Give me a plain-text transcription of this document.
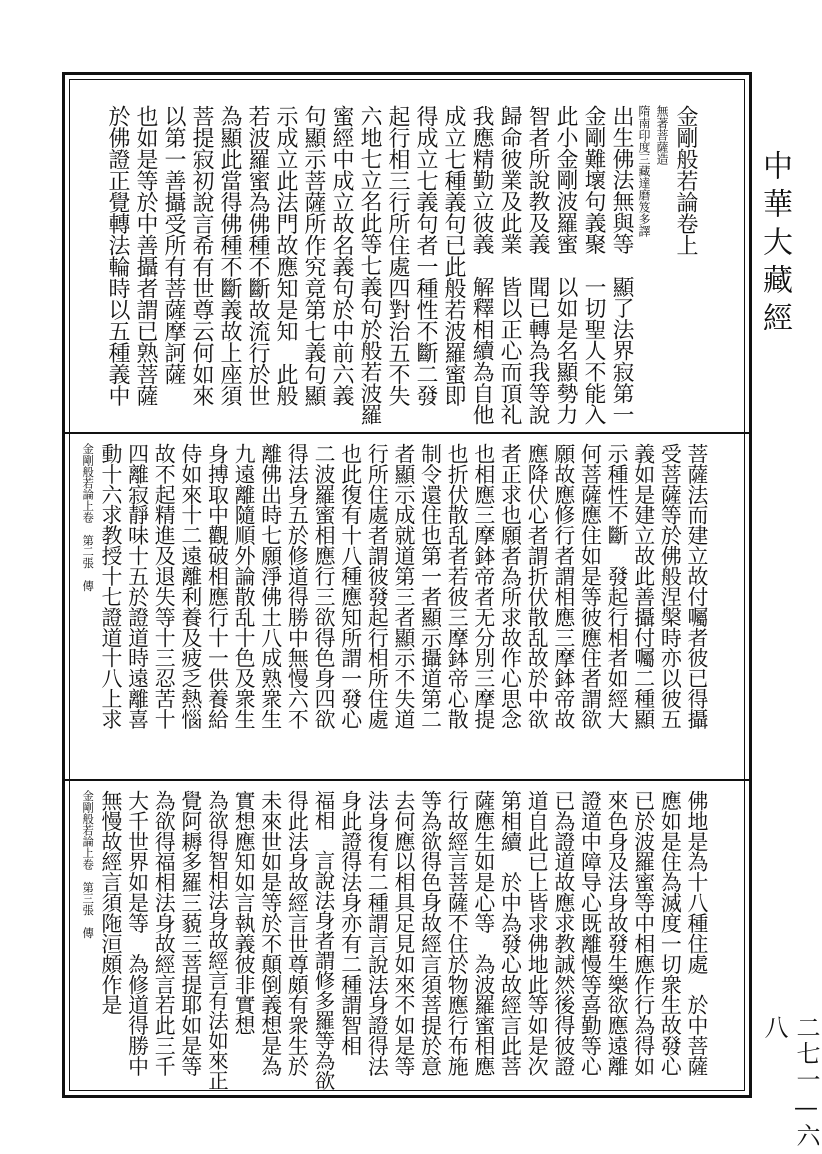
金剛般若論卷上
無著菩薩造
隋南印度三藏達磨笈多譯
出生佛法無與等　顯了法界寂第一
金剛難壞句義聚　一切聖人不能入
此小金剛波羅蜜　以如是名顯勢力
智者所說教及義　聞已轉為我等說
歸命彼業及此業　皆以正心而頂礼
我應精勤立彼義　解釋相續為自他
成立七種義句已此般若波羅蜜即
得成立七義句者一種性不斷二發
起行相三行所住處四對治五不失
六地七立名此等七義句於般若波羅
蜜經中成立故名義句於中前六義
句顯示菩薩所作究竟第七義句顯
示成立此法門故應知是知　此般
若波羅蜜為佛種不斷故流行於世
為顯此當得佛種不斷義故上座須
菩提寂初說言希有世尊云何如來
以第一善攝受所有菩薩摩訶薩
也如是等於中善攝者謂已熟菩薩
於佛證正覺轉法輪時以五種義中
菩薩法而建立故付囑者彼已得攝
受菩薩等於佛般涅槃時亦以彼五
義如是建立故此善攝付囑二種顯
示種性不斷　發起行相者如經大
何菩薩應住如是等彼應住者謂欲
願故應修行者謂相應三摩鉢帝故
應降伏心者謂折伏散乱故於中欲
者正求也願者為所求故作心思念
也相應三摩鉢帝者无分別三摩提
也折伏散乱者若彼三摩鉢帝心散
制令還住也第一者顯示攝道第二
者顯示成就道第三者顯示不失道
行所住處者謂彼發起行相所住處
也此復有十八種應知所謂一發心
二波羅蜜相應行三欲得色身四欲
得法身五於修道得勝中無慢六不
離佛出時七願淨佛土八成熟衆生
九遠離隨順外論散乱十色及衆生
身搏取中觀破相應行十一供養給
侍如來十二遠離利養及疲乏熱惱
故不起精進及退失等十三忍苦十
四離寂靜味十五於證道時遠離喜
動十六求教授十七證道十八上求
金剛般若論上卷　第二張　傳
佛地是為十八種住處　於中菩薩
應如是住為滅度一切衆生故發心
已於波羅蜜等中相應作行為得如
來色身及法身故發生樂欲應遠離
證道中障导心既離慢等喜勤等心
已為證道故應求教誠然後得彼證
道自此已上皆求佛地此等如是次
第相續　於中為發心故經言此菩
薩應生如是心等　為波羅蜜相應
行故經言菩薩不住於物應行布施
等為欲得色身故經言須菩提於意
去何應以相具足見如來不如是等
法身復有二種謂言說法身證得法
身此證得法身亦有二種謂智相
福相　言說法身者謂修多羅等為欲
得此法身故經言世尊頗有衆生於
未來世如是等於不顛倒義想是為
實想應知如言執義彼非實想
為欲得智相法身故經言有法如來正
覺阿耨多羅三藐三菩提耶如是等
為欲得福相法身故經言若此三千
大千世界如是等　為修道得勝中
無慢故經言須陁洹頗作是
金剛般若論上卷　第三張　傳
中華大藏經
二七一—六八
